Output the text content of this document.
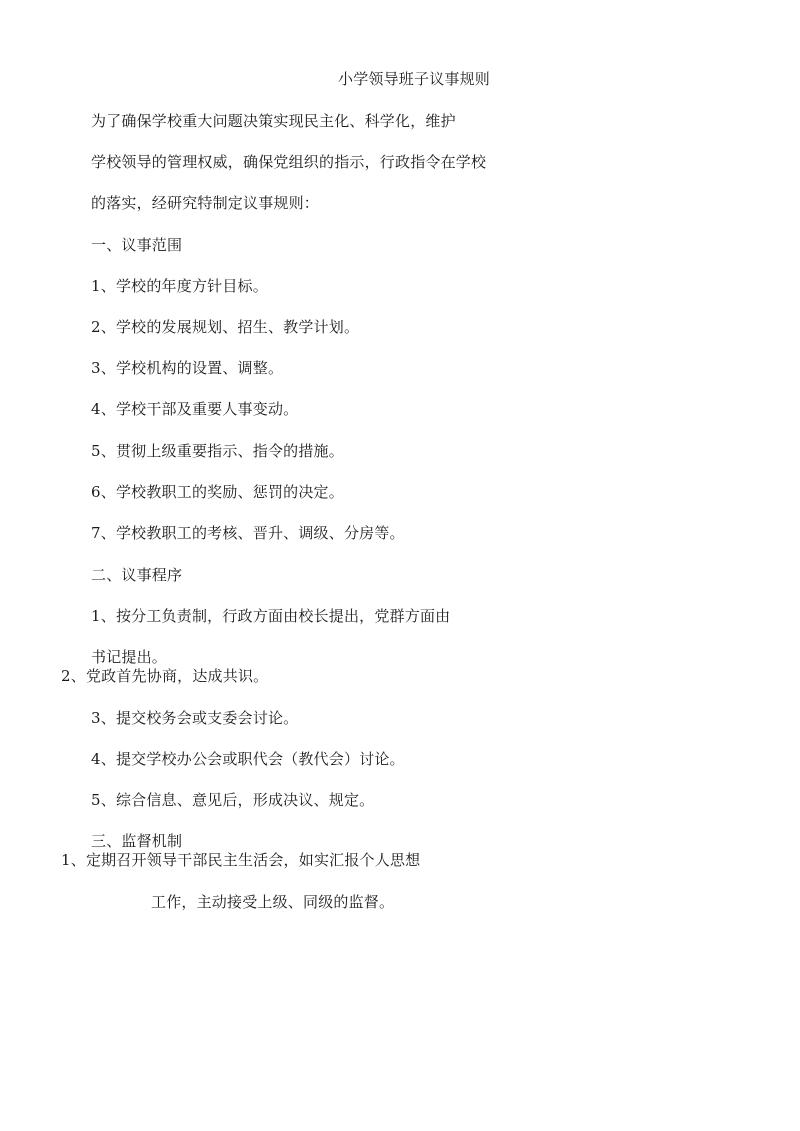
小学领导班子议事规则
为了确保学校重大问题决策实现民主化、科学化，维护
学校领导的管理权威，确保党组织的指示，行政指令在学校
的落实，经研究特制定议事规则：
一、议事范围
1、学校的年度方针目标。
2、学校的发展规划、招生、教学计划。
3、学校机构的设置、调整。
4、学校干部及重要人事变动。
5、贯彻上级重要指示、指令的措施。
6、学校教职工的奖励、惩罚的决定。
7、学校教职工的考核、晋升、调级、分房等。
二、议事程序
1、按分工负责制，行政方面由校长提出，党群方面由
书记提出。
2、党政首先协商，达成共识。
3、提交校务会或支委会讨论。
4、提交学校办公会或职代会（教代会）讨论。
5、综合信息、意见后，形成决议、规定。
三、监督机制
1、定期召开领导干部民主生活会，如实汇报个人思想
工作，主动接受上级、同级的监督。
